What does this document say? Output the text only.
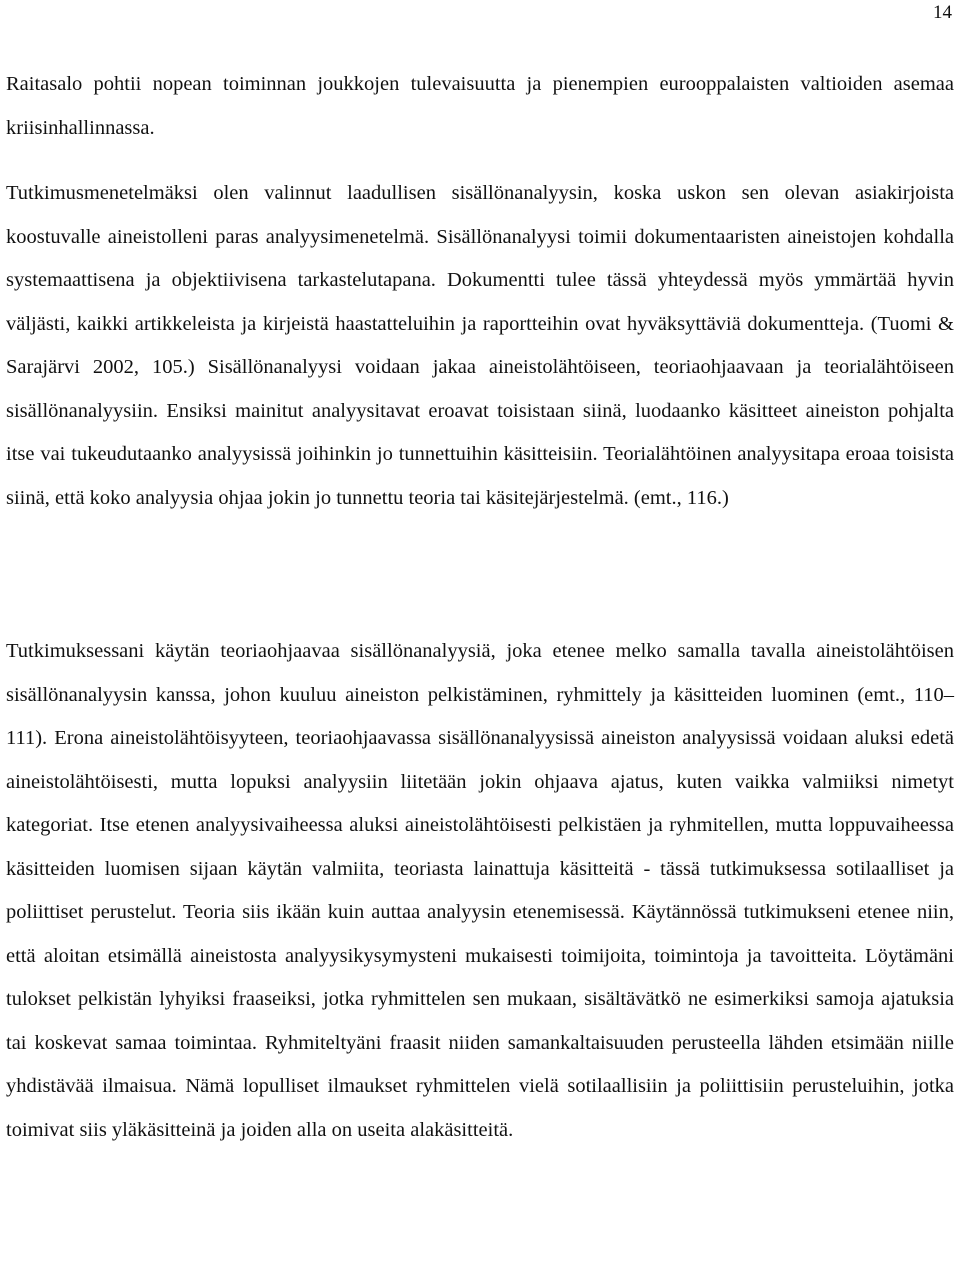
14

Raitasalo pohtii nopean toiminnan joukkojen tulevaisuutta ja pienempien eurooppalaisten valtioiden asemaa kriisinhallinnassa.

Tutkimusmenetelmäksi olen valinnut laadullisen sisällönanalyysin, koska uskon sen olevan asiakirjoista koostuvalle aineistolleni paras analyysimenetelmä. Sisällönanalyysi toimii dokumentaaristen aineistojen kohdalla systemaattisena ja objektiivisena tarkastelutapana. Dokumentti tulee tässä yhteydessä myös ymmärtää hyvin väljästi, kaikki artikkeleista ja kirjeistä haastatteluihin ja raportteihin ovat hyväksyttäviä dokumentteja. (Tuomi & Sarajärvi 2002, 105.) Sisällönanalyysi voidaan jakaa aineistolähtöiseen, teoriaohjaavaan ja teorialähtöiseen sisällönanalyysiin. Ensiksi mainitut analyysitavat eroavat toisistaan siinä, luodaanko käsitteet aineiston pohjalta itse vai tukeudutaanko analyysissä joihinkin jo tunnettuihin käsitteisiin. Teorialähtöinen analyysitapa eroaa toisista siinä, että koko analyysia ohjaa jokin jo tunnettu teoria tai käsitejärjestelmä. (emt., 116.)

Tutkimuksessani käytän teoriaohjaavaa sisällönanalyysiä, joka etenee melko samalla tavalla aineistolähtöisen sisällönanalyysin kanssa, johon kuuluu aineiston pelkistäminen, ryhmittely ja käsitteiden luominen (emt., 110–111). Erona aineistolähtöisyyteen, teoriaohjaavassa sisällönanalyysissä aineiston analyysissä voidaan aluksi edetä aineistolähtöisesti, mutta lopuksi analyysiin liitetään jokin ohjaava ajatus, kuten vaikka valmiiksi nimetyt kategoriat. Itse etenen analyysivaiheessa aluksi aineistolähtöisesti pelkistäen ja ryhmitellen, mutta loppuvaiheessa käsitteiden luomisen sijaan käytän valmiita, teoriasta lainattuja käsitteitä - tässä tutkimuksessa sotilaalliset ja poliittiset perustelut. Teoria siis ikään kuin auttaa analyysin etenemisessä. Käytännössä tutkimukseni etenee niin, että aloitan etsimällä aineistosta analyysikysymysteni mukaisesti toimijoita, toimintoja ja tavoitteita. Löytämäni tulokset pelkistän lyhyiksi fraaseiksi, jotka ryhmittelen sen mukaan, sisältävätkö ne esimerkiksi samoja ajatuksia tai koskevat samaa toimintaa. Ryhmiteltyäni fraasit niiden samankaltaisuuden perusteella lähden etsimään niille yhdistävää ilmaisua. Nämä lopulliset ilmaukset ryhmittelen vielä sotilaallisiin ja poliittisiin perusteluihin, jotka toimivat siis yläkäsitteinä ja joiden alla on useita alakäsitteitä.
